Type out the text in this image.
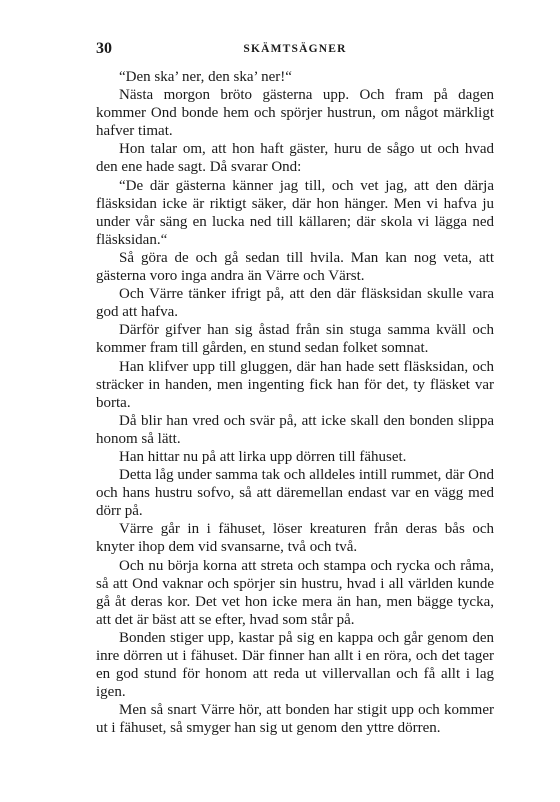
30	SKÄMTSÄGNER

“Den ska’ ner, den ska’ ner!“

Nästa morgon bröto gästerna upp. Och fram på dagen kommer Ond bonde hem och spörjer hustrun, om något märkligt hafver timat.

Hon talar om, att hon haft gäster, huru de sågo ut och hvad den ene hade sagt. Då svarar Ond:

“De där gästerna känner jag till, och vet jag, att den därja fläsksidan icke är riktigt säker, där hon hänger. Men vi hafva ju under vår säng en lucka ned till källaren; där skola vi lägga ned fläsksidan.“

Så göra de och gå sedan till hvila. Man kan nog veta, att gästerna voro inga andra än Värre och Värst.

Och Värre tänker ifrigt på, att den där fläsksidan skulle vara god att hafva.

Därför gifver han sig åstad från sin stuga samma kväll och kommer fram till gården, en stund sedan folket somnat.

Han klifver upp till gluggen, där han hade sett fläsksidan, och sträcker in handen, men ingenting fick han för det, ty fläsket var borta.

Då blir han vred och svär på, att icke skall den bonden slippa honom så lätt.

Han hittar nu på att lirka upp dörren till fähuset.

Detta låg under samma tak och alldeles intill rummet, där Ond och hans hustru sofvo, så att däremellan endast var en vägg med dörr på.

Värre går in i fähuset, löser kreaturen från deras bås och knyter ihop dem vid svansarne, två och två.

Och nu börja korna att streta och stampa och rycka och råma, så att Ond vaknar och spörjer sin hustru, hvad i all världen kunde gå åt deras kor. Det vet hon icke mera än han, men bägge tycka, att det är bäst att se efter, hvad som står på.

Bonden stiger upp, kastar på sig en kappa och går genom den inre dörren ut i fähuset. Där finner han allt i en röra, och det tager en god stund för honom att reda ut villervallan och få allt i lag igen.

Men så snart Värre hör, att bonden har stigit upp och kommer ut i fähuset, så smyger han sig ut genom den yttre dörren.
